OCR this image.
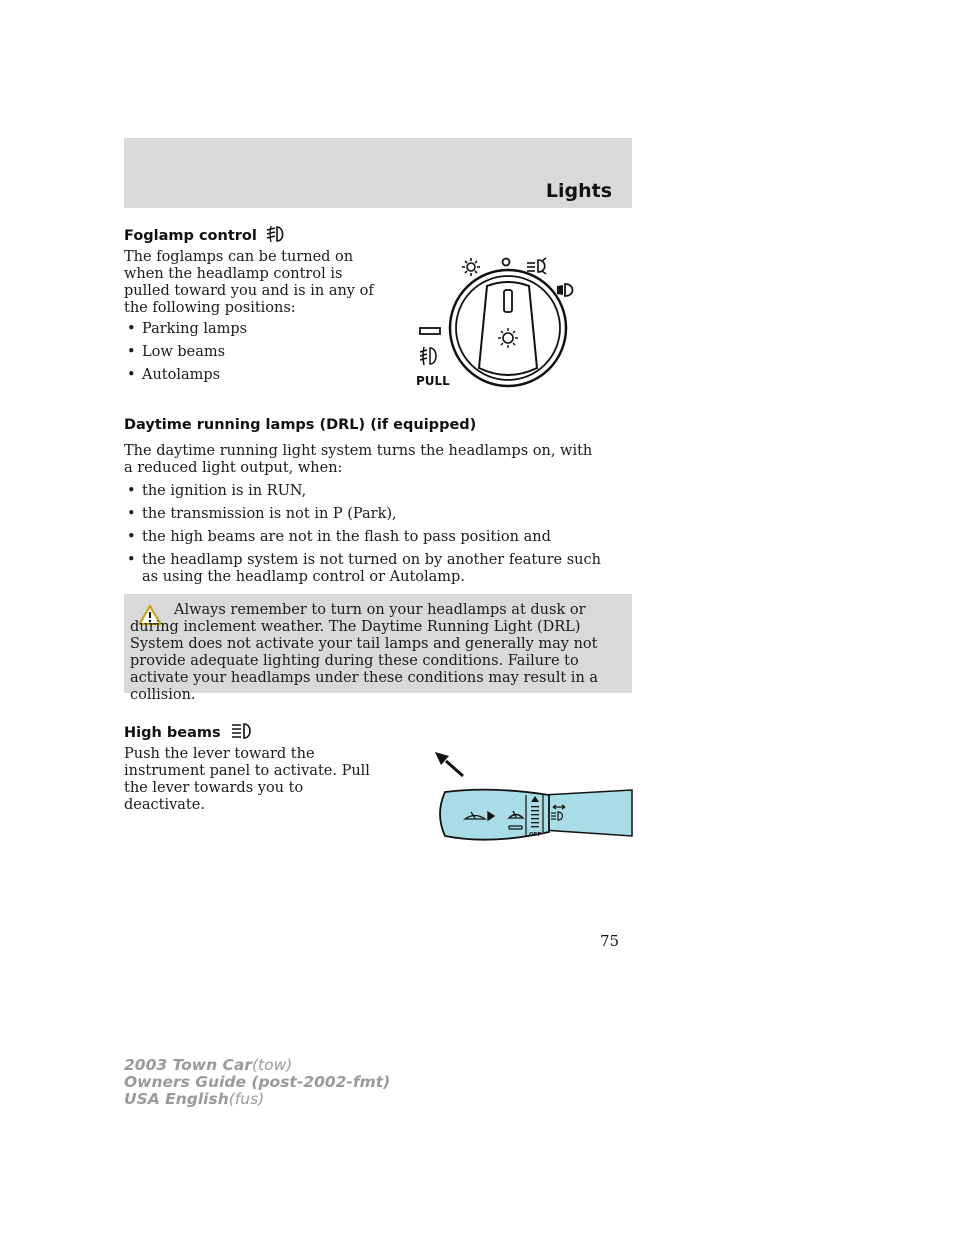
Lights
Foglamp control
The foglamps can be turned on when the headlamp control is pulled toward you and is in any of the following positions:
• Parking lamps
• Low beams
• Autolamps	PULL
Daytime running lamps (DRL) (if equipped)
The daytime running light system turns the headlamps on, with a reduced light output, when:
• the ignition is in RUN,
• the transmission is not in P (Park),
• the high beams are not in the flash to pass position and
• the headlamp system is not turned on by another feature such as using the headlamp control or Autolamp.
Always remember to turn on your headlamps at dusk or during inclement weather. The Daytime Running Light (DRL) System does not activate your tail lamps and generally may not provide adequate lighting during these conditions. Failure to activate your headlamps under these conditions may result in a collision.
High beams
Push the lever toward the instrument panel to activate. Pull the lever towards you to deactivate.
OFF
75
2003 Town Car(tow)
Owners Guide (post-2002-fmt)
USA English(fus)
